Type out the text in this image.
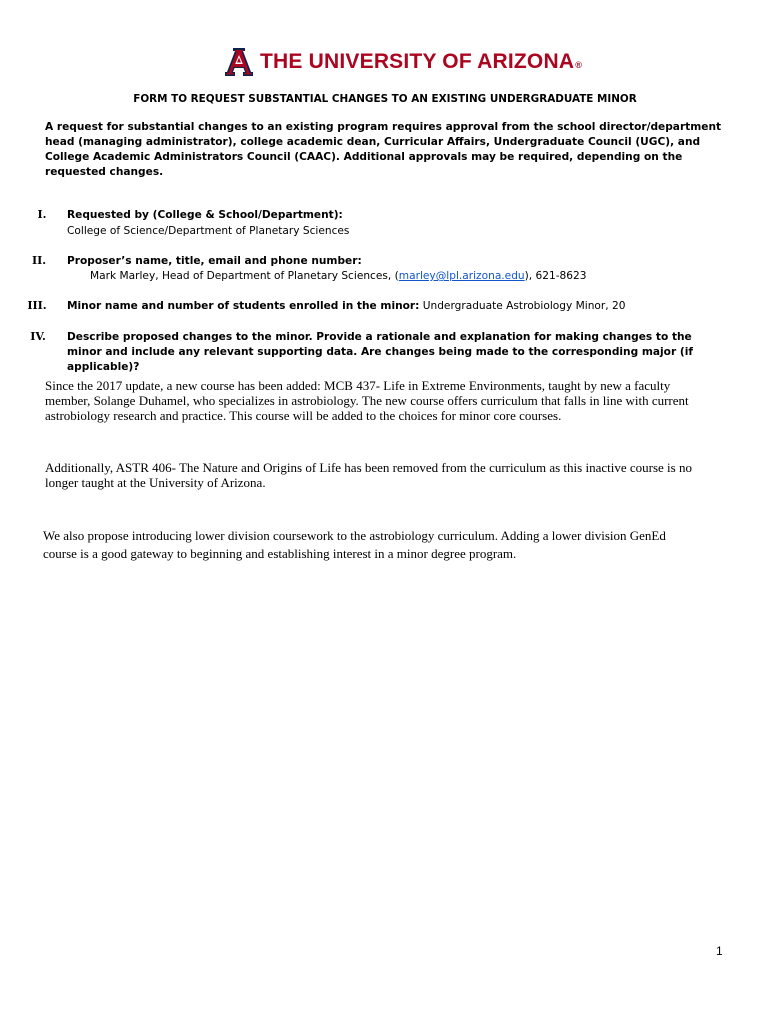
THE UNIVERSITY OF ARIZONA®
FORM TO REQUEST SUBSTANTIAL CHANGES TO AN EXISTING UNDERGRADUATE MINOR
A request for substantial changes to an existing program requires approval from the school director/department head (managing administrator), college academic dean, Curricular Affairs, Undergraduate Council (UGC), and College Academic Administrators Council (CAAC). Additional approvals may be required, depending on the requested changes.
I.	Requested by (College & School/Department):
College of Science/Department of Planetary Sciences
II.	Proposer’s name, title, email and phone number:
Mark Marley, Head of Department of Planetary Sciences, (marley@lpl.arizona.edu), 621-8623
III.	Minor name and number of students enrolled in the minor: Undergraduate Astrobiology Minor, 20
IV.	Describe proposed changes to the minor. Provide a rationale and explanation for making changes to the minor and include any relevant supporting data. Are changes being made to the corresponding major (if applicable)?
Since the 2017 update, a new course has been added: MCB 437- Life in Extreme Environments, taught by new a faculty member, Solange Duhamel, who specializes in astrobiology. The new course offers curriculum that falls in line with current astrobiology research and practice. This course will be added to the choices for minor core courses.
Additionally, ASTR 406- The Nature and Origins of Life has been removed from the curriculum as this inactive course is no longer taught at the University of Arizona.
We also propose introducing lower division coursework to the astrobiology curriculum. Adding a lower division GenEd course is a good gateway to beginning and establishing interest in a minor degree program.
1
